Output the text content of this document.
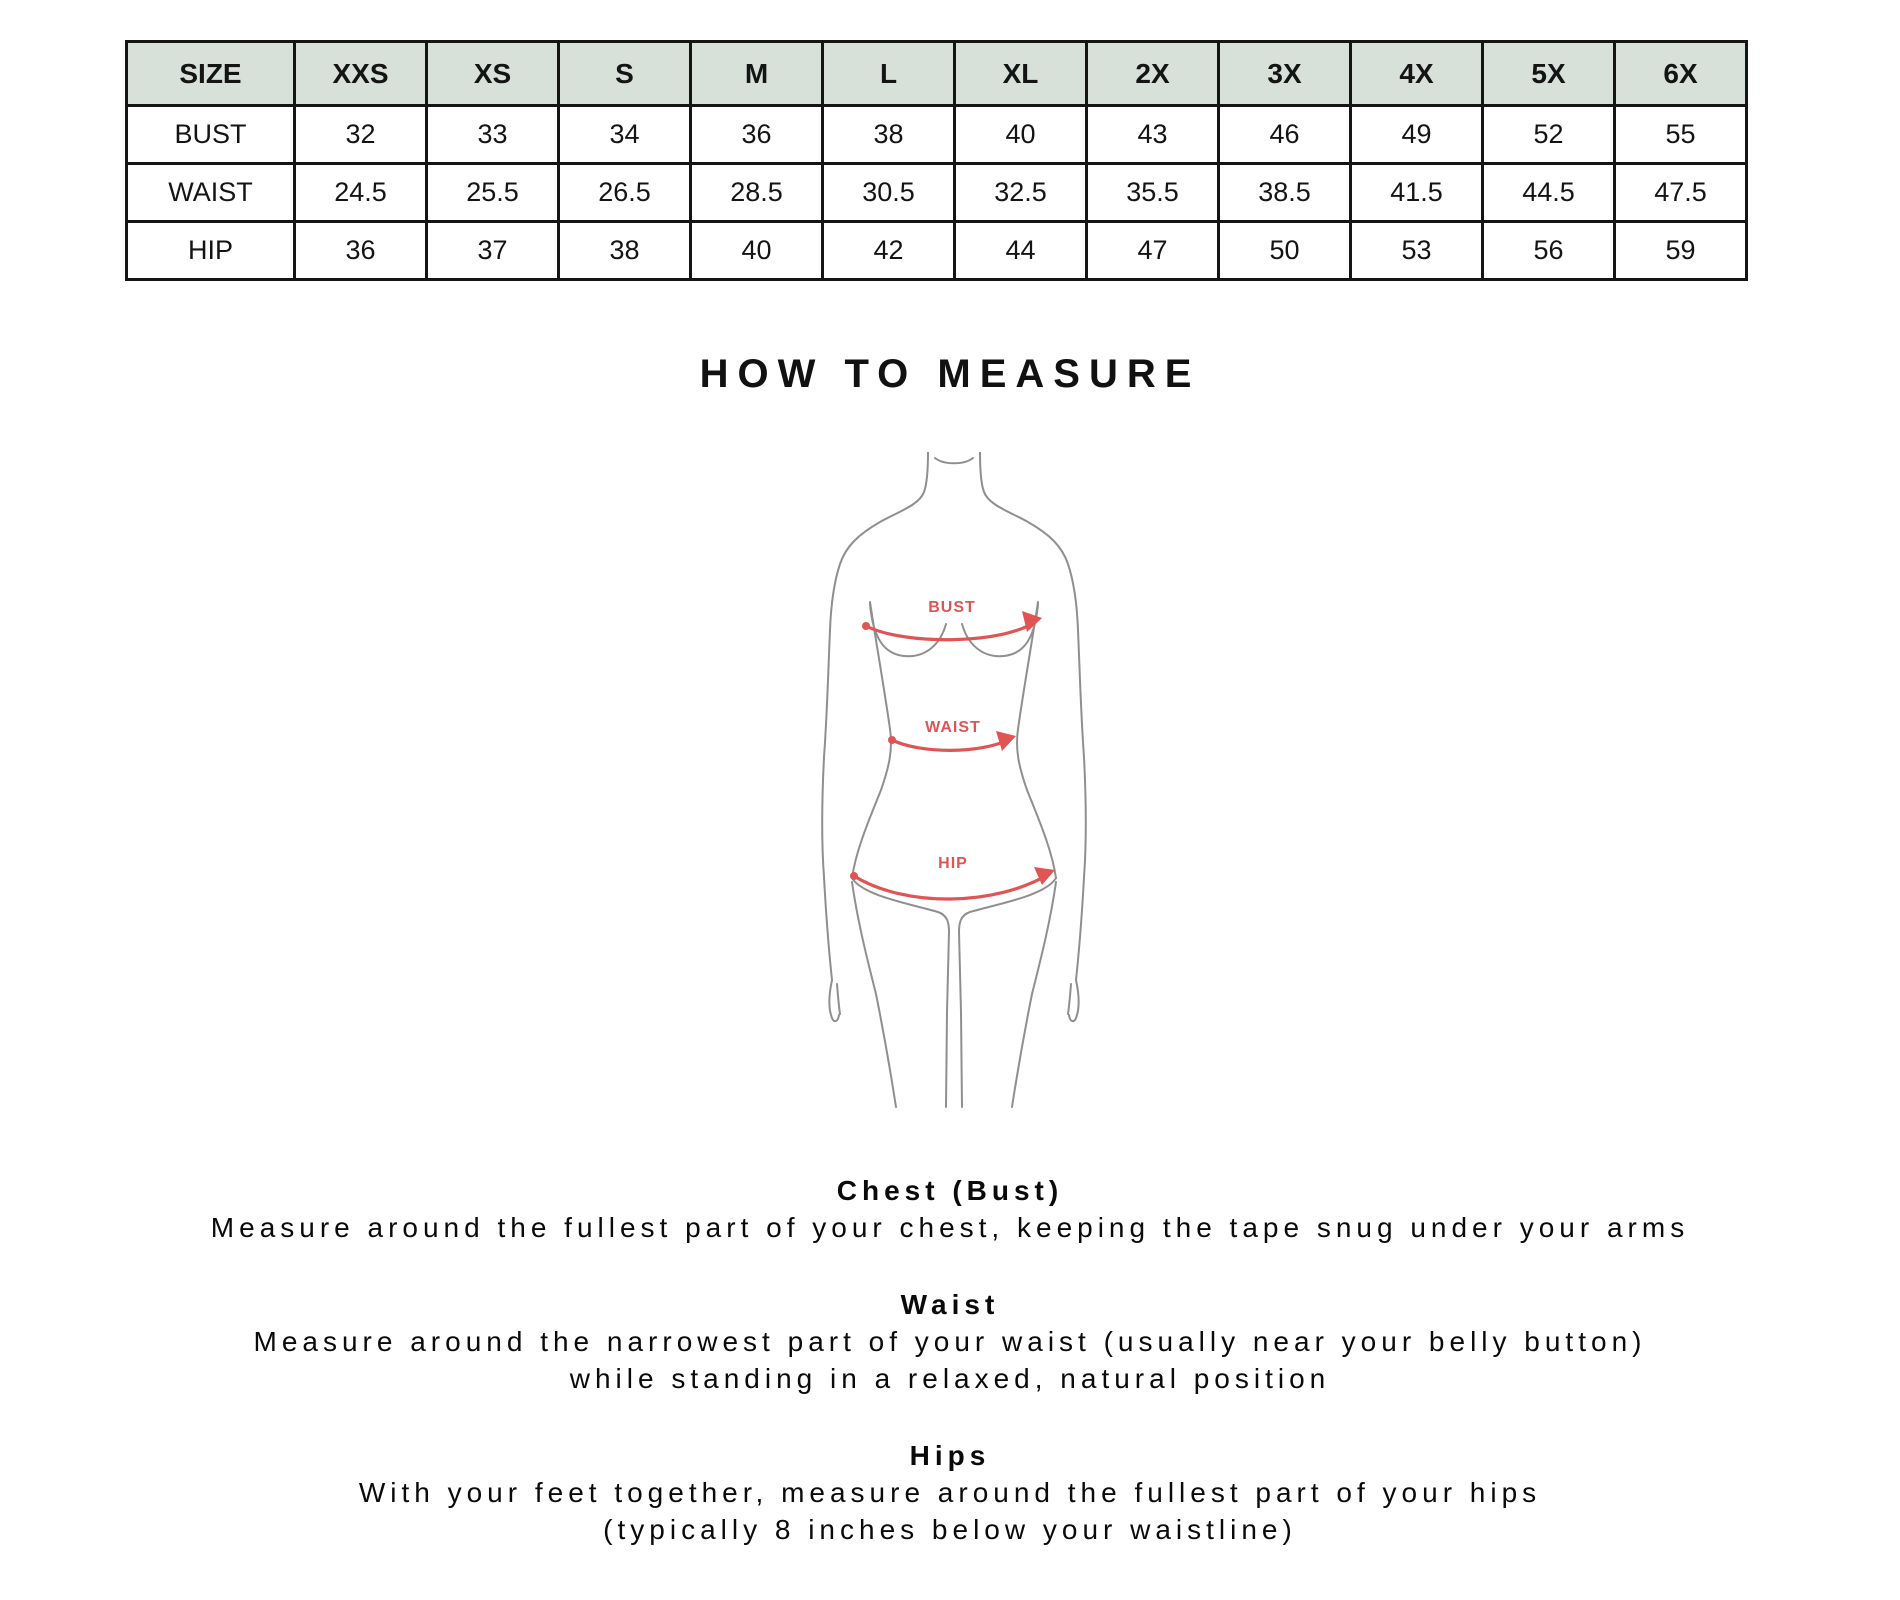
SIZE	XXS	XS	S	M	L	XL	2X	3X	4X	5X	6X
BUST	32	33	34	36	38	40	43	46	49	52	55
WAIST	24.5	25.5	26.5	28.5	30.5	32.5	35.5	38.5	41.5	44.5	47.5
HIP	36	37	38	40	42	44	47	50	53	56	59
HOW TO MEASURE
BUST
WAIST
HIP
Chest (Bust)
Measure around the fullest part of your chest, keeping the tape snug under your arms
Waist
Measure around the narrowest part of your waist (usually near your belly button)
while standing in a relaxed, natural position
Hips
With your feet together, measure around the fullest part of your hips
(typically 8 inches below your waistline)
